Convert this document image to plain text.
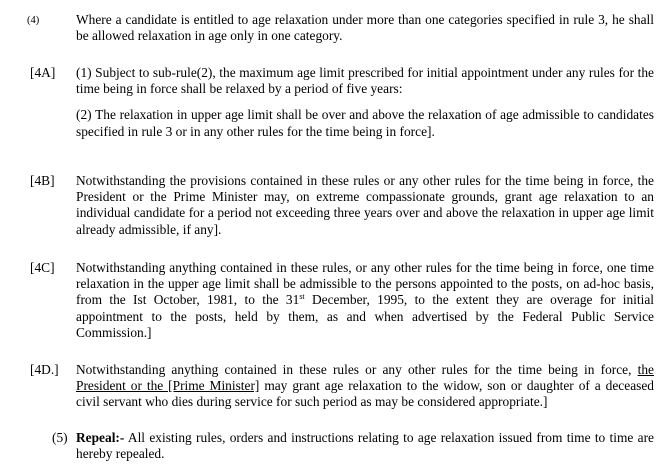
(4)	Where a candidate is entitled to age relaxation under more than one categories specified in rule 3, he shall be allowed relaxation in age only in one category.
[4A] (1) Subject to sub-rule(2), the maximum age limit prescribed for initial appointment under any rules for the time being in force shall be relaxed by a period of five years:
(2) The relaxation in upper age limit shall be over and above the relaxation of age admissible to candidates specified in rule 3 or in any other rules for the time being in force].
[4B] Notwithstanding the provisions contained in these rules or any other rules for the time being in force, the President or the Prime Minister may, on extreme compassionate grounds, grant age relaxation to an individual candidate for a period not exceeding three years over and above the relaxation in upper age limit already admissible, if any].
[4C] Notwithstanding anything contained in these rules, or any other rules for the time being in force, one time relaxation in the upper age limit shall be admissible to the persons appointed to the posts, on ad-hoc basis, from the Ist October, 1981, to the 31st December, 1995, to the extent they are overage for initial appointment to the posts, held by them, as and when advertised by the Federal Public Service Commission.]
[4D.] Notwithstanding anything contained in these rules or any other rules for the time being in force, the President or the [Prime Minister] may grant age relaxation to the widow, son or daughter of a deceased civil servant who dies during service for such period as may be considered appropriate.]
(5) Repeal:- All existing rules, orders and instructions relating to age relaxation issued from time to time are hereby repealed.
